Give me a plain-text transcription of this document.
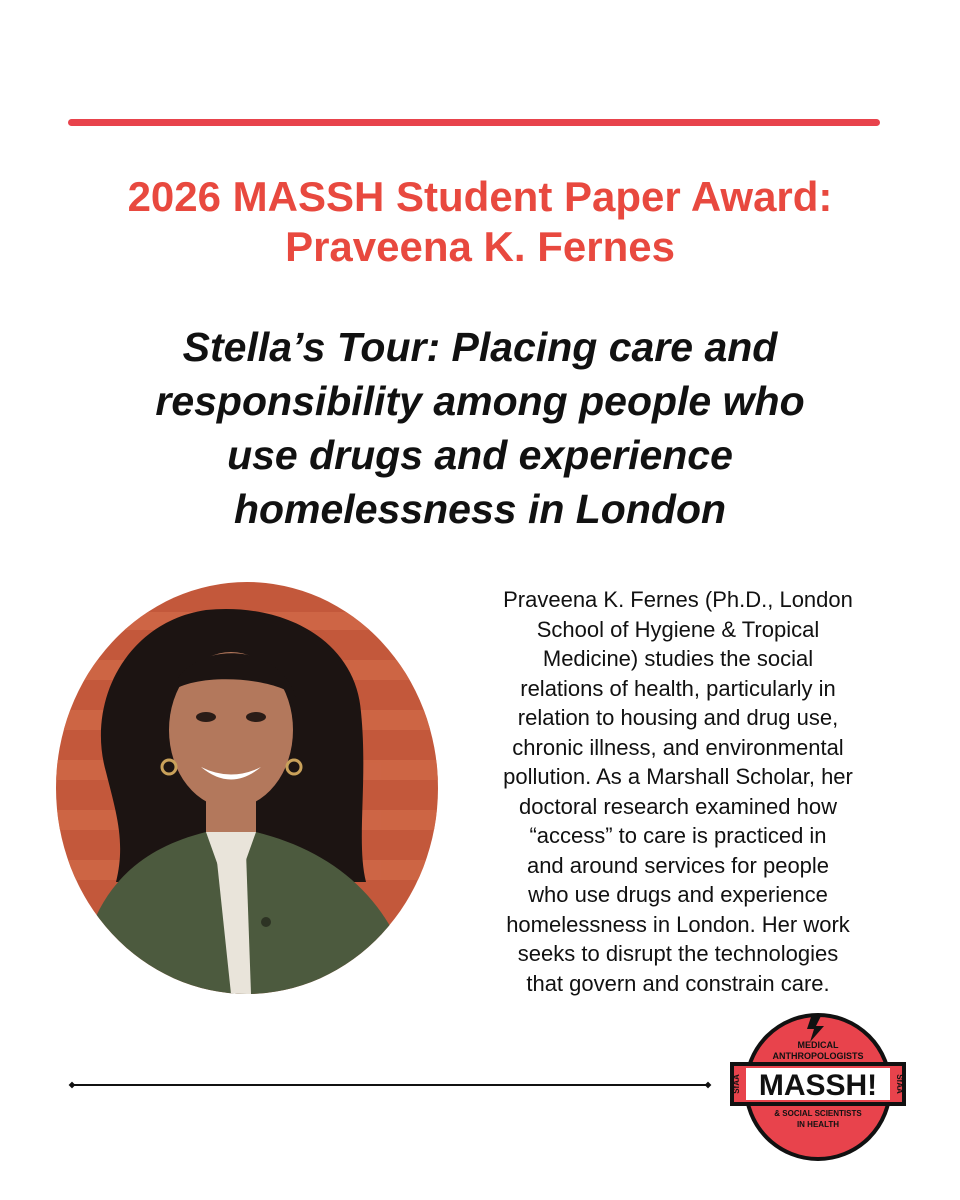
2026 MASSH Student Paper Award:
Praveena K. Fernes
Stella’s Tour: Placing care and
responsibility among people who
use drugs and experience
homelessness in London
Praveena K. Fernes (Ph.D., London
School of Hygiene & Tropical
Medicine) studies the social
relations of health, particularly in
relation to housing and drug use,
chronic illness, and environmental
pollution. As a Marshall Scholar, her
doctoral research examined how
“access” to care is practiced in
and around services for people
who use drugs and experience
homelessness in London. Her work
seeks to disrupt the technologies
that govern and constrain care.
MEDICAL
ANTHROPOLOGISTS
MASSH!
SfAA	SfAA
& SOCIAL SCIENTISTS
IN HEALTH
